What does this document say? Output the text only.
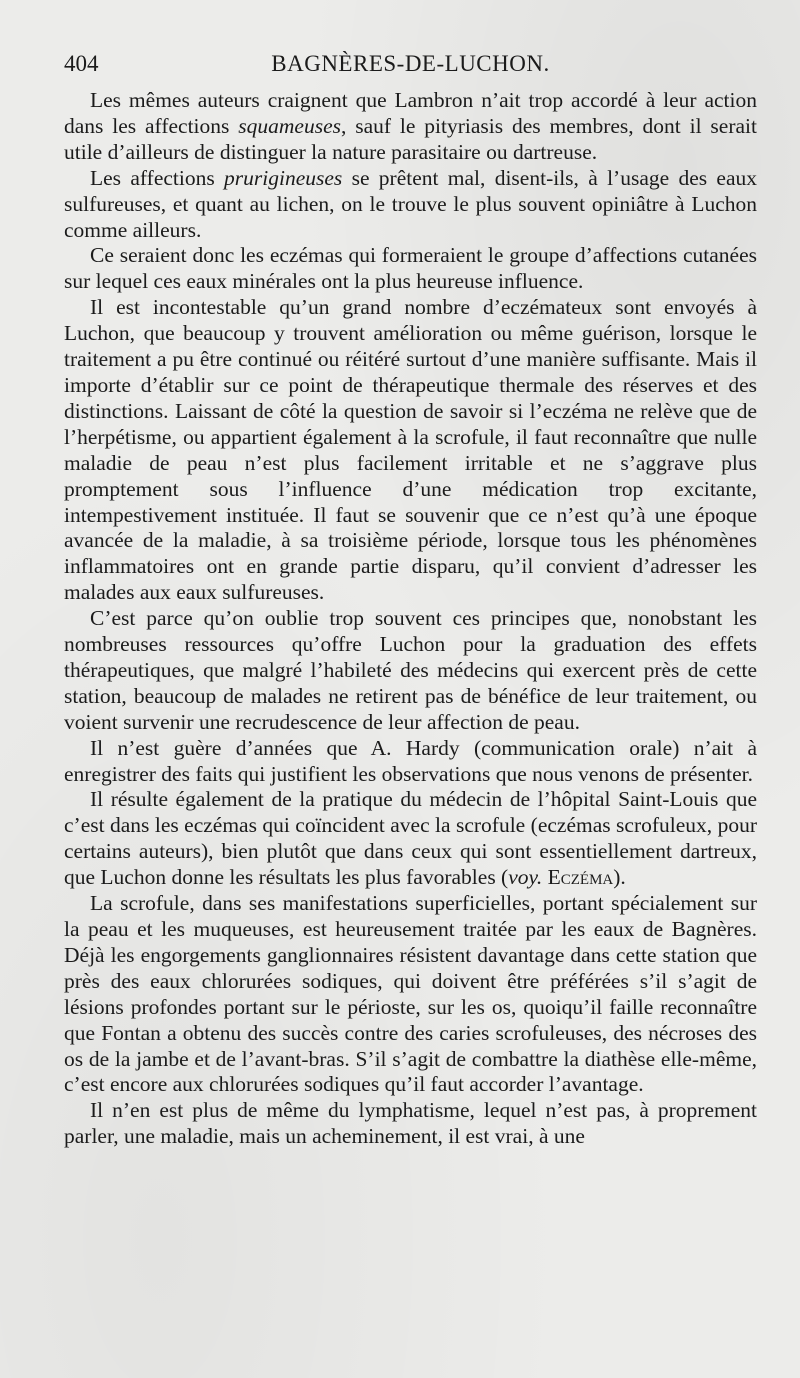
404	BAGNÈRES-DE-LUCHON.

Les mêmes auteurs craignent que Lambron n’ait trop accordé à leur action dans les affections squameuses, sauf le pityriasis des membres, dont il serait utile d’ailleurs de distinguer la nature parasitaire ou dartreuse.

Les affections prurigineuses se prêtent mal, disent-ils, à l’usage des eaux sulfureuses, et quant au lichen, on le trouve le plus souvent opiniâtre à Luchon comme ailleurs.

Ce seraient donc les eczémas qui formeraient le groupe d’affections cutanées sur lequel ces eaux minérales ont la plus heureuse influence.

Il est incontestable qu’un grand nombre d’eczémateux sont envoyés à Luchon, que beaucoup y trouvent amélioration ou même guérison, lorsque le traitement a pu être continué ou réitéré surtout d’une manière suffisante. Mais il importe d’établir sur ce point de thérapeutique thermale des réserves et des distinctions. Laissant de côté la question de savoir si l’eczéma ne relève que de l’herpétisme, ou appartient également à la scrofule, il faut reconnaître que nulle maladie de peau n’est plus facilement irritable et ne s’aggrave plus promptement sous l’influence d’une médication trop excitante, intempestivement instituée. Il faut se souvenir que ce n’est qu’à une époque avancée de la maladie, à sa troisième période, lorsque tous les phénomènes inflammatoires ont en grande partie disparu, qu’il convient d’adresser les malades aux eaux sulfureuses.

C’est parce qu’on oublie trop souvent ces principes que, nonobstant les nombreuses ressources qu’offre Luchon pour la graduation des effets thérapeutiques, que malgré l’habileté des médecins qui exercent près de cette station, beaucoup de malades ne retirent pas de bénéfice de leur traitement, ou voient survenir une recrudescence de leur affection de peau.

Il n’est guère d’années que A. Hardy (communication orale) n’ait à enregistrer des faits qui justifient les observations que nous venons de présenter.

Il résulte également de la pratique du médecin de l’hôpital Saint-Louis que c’est dans les eczémas qui coïncident avec la scrofule (eczémas scrofuleux, pour certains auteurs), bien plutôt que dans ceux qui sont essentiellement dartreux, que Luchon donne les résultats les plus favorables (voy. Eczéma).

La scrofule, dans ses manifestations superficielles, portant spécialement sur la peau et les muqueuses, est heureusement traitée par les eaux de Bagnères. Déjà les engorgements ganglionnaires résistent davantage dans cette station que près des eaux chlorurées sodiques, qui doivent être préférées s’il s’agit de lésions profondes portant sur le périoste, sur les os, quoiqu’il faille reconnaître que Fontan a obtenu des succès contre des caries scrofuleuses, des nécroses des os de la jambe et de l’avant-bras. S’il s’agit de combattre la diathèse elle-même, c’est encore aux chlorurées sodiques qu’il faut accorder l’avantage.

Il n’en est plus de même du lymphatisme, lequel n’est pas, à proprement parler, une maladie, mais un acheminement, il est vrai, à une
